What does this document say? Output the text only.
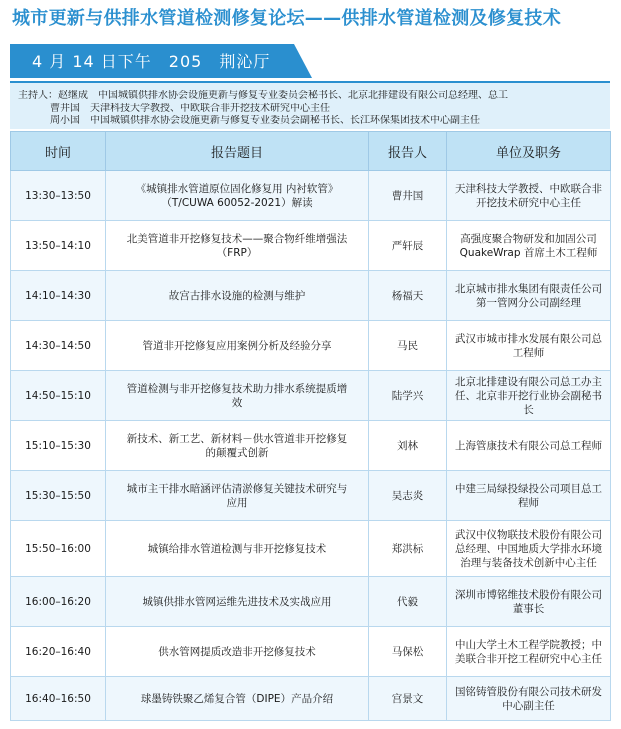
城市更新与供排水管道检测修复论坛——供排水管道检测及修复技术
4 月 14 日下午　205　荆沁厅
主持人：赵继成　中国城镇供排水协会设施更新与修复专业委员会秘书长、北京北排建设有限公司总经理、总工
曹井国　天津科技大学教授、中欧联合非开挖技术研究中心主任
周小国　中国城镇供排水协会设施更新与修复专业委员会副秘书长、长江环保集团技术中心副主任
时间	报告题目	报告人	单位及职务
13:30–13:50	《城镇排水管道原位固化修复用 内衬软管》（T/CUWA 60052-2021）解读	曹井国	天津科技大学教授、中欧联合非开挖技术研究中心主任
13:50–14:10	北美管道非开挖修复技术——聚合物纤维增强法（FRP）	严轩辰	高强度聚合物研发和加固公司QuakeWrap 首席土木工程师
14:10–14:30	故宫古排水设施的检测与维护	杨福天	北京城市排水集团有限责任公司第一管网分公司副经理
14:30–14:50	管道非开挖修复应用案例分析及经验分享	马民	武汉市城市排水发展有限公司总工程师
14:50–15:10	管道检测与非开挖修复技术助力排水系统提质增效	陆学兴	北京北排建设有限公司总工办主任、北京非开挖行业协会副秘书长
15:10–15:30	新技术、新工艺、新材料－供水管道非开挖修复的颠覆式创新	刘林	上海管康技术有限公司总工程师
15:30–15:50	城市主干排水暗涵评估清淤修复关键技术研究与应用	吴志炎	中建三局绿投绿投公司项目总工程师
15:50–16:00	城镇给排水管道检测与非开挖修复技术	郑洪标	武汉中仪物联技术股份有限公司总经理、中国地质大学排水环境治理与装备技术创新中心主任
16:00–16:20	城镇供排水管网运维先进技术及实战应用	代毅	深圳市博铭维技术股份有限公司董事长
16:20–16:40	供水管网提质改造非开挖修复技术	马保松	中山大学土木工程学院教授；中美联合非开挖工程研究中心主任
16:40–16:50	球墨铸铁聚乙烯复合管（DIPE）产品介绍	宫景文	国铭铸管股份有限公司技术研发中心副主任
